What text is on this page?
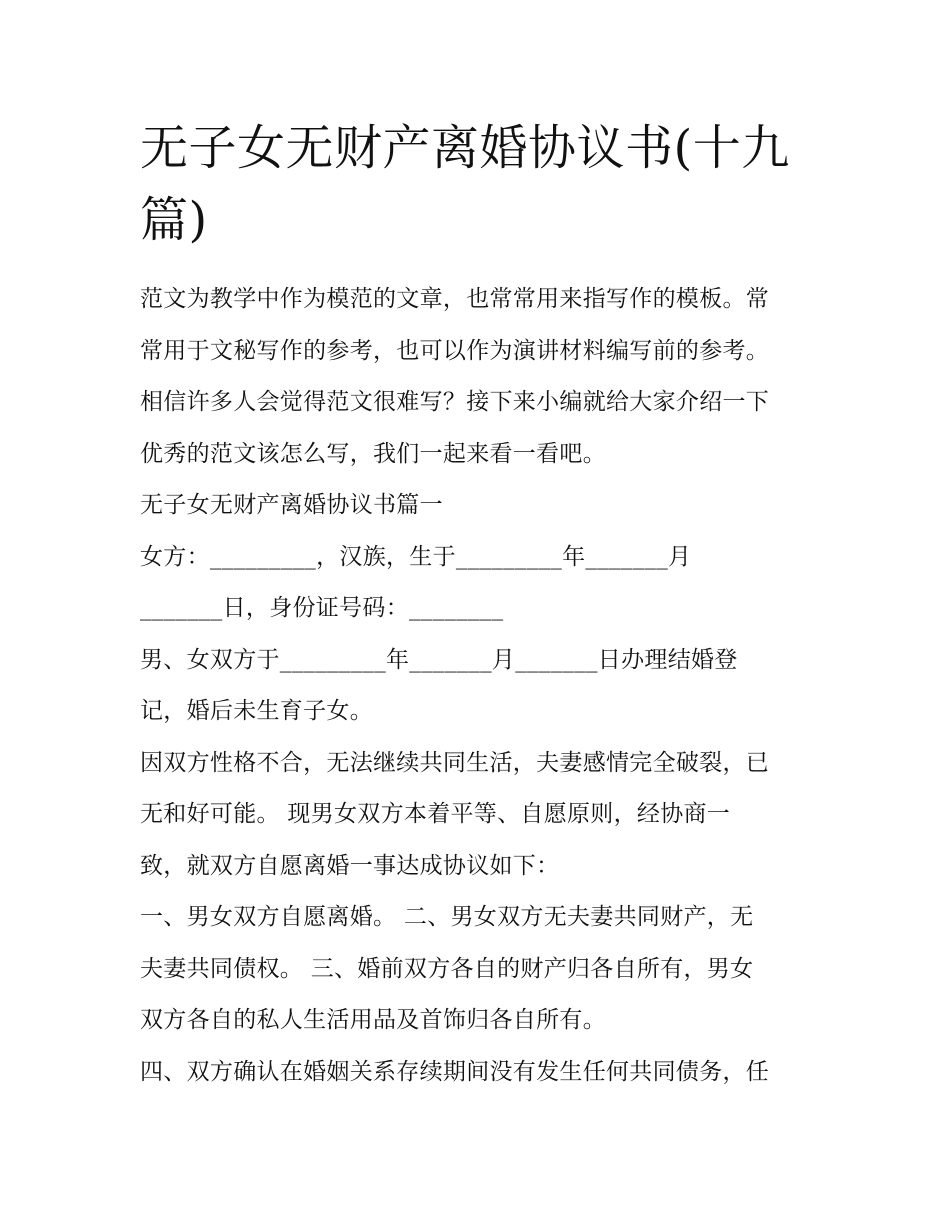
无子女无财产离婚协议书(十九
篇)

范文为教学中作为模范的文章，也常常用来指写作的模板。常

常用于文秘写作的参考，也可以作为演讲材料编写前的参考。

相信许多人会觉得范文很难写？接下来小编就给大家介绍一下

优秀的范文该怎么写，我们一起来看一看吧。

无子女无财产离婚协议书篇一

女方：_________，汉族，生于_________年_______月

_______日，身份证号码：________

男、女双方于_________年_______月_______日办理结婚登

记，婚后未生育子女。

因双方性格不合，无法继续共同生活，夫妻感情完全破裂，已

无和好可能。 现男女双方本着平等、自愿原则，经协商一

致，就双方自愿离婚一事达成协议如下：

一、男女双方自愿离婚。 二、男女双方无夫妻共同财产，无

夫妻共同债权。 三、婚前双方各自的财产归各自所有，男女

双方各自的私人生活用品及首饰归各自所有。

四、双方确认在婚姻关系存续期间没有发生任何共同债务，任
